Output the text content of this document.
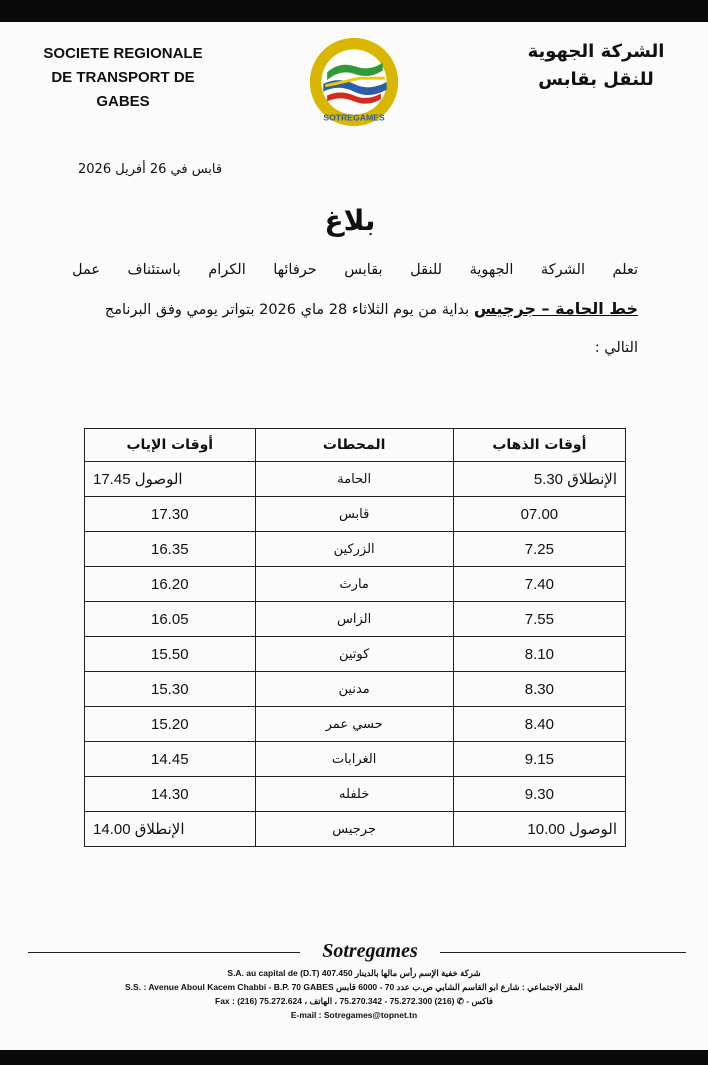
SOCIETE REGIONALE
DE TRANSPORT DE GABES
SOTREGAMES
الشركة الجهوية
للنقل بقابس
قابس في 26 أفريل 2026
بلاغ
تعلم الشركة الجهوية للنقل بقابس حرفائها الكرام باستئناف عمل
خط الحامة – جرجيس بداية من يوم الثلاثاء 28 ماي 2026 بتواتر يومي وفق البرنامج
التالي :
أوقات الذهاب	المحطات	أوقات الإياب
الإنطلاق 5.30	الحامة	الوصول 17.45
07.00	قابس	17.30
7.25	الزركين	16.35
7.40	مارث	16.20
7.55	الزاس	16.05
8.10	كوتين	15.50
8.30	مدنين	15.30
8.40	حسي عمر	15.20
9.15	الغرابات	14.45
9.30	خلفله	14.30
الوصول 10.00	جرجيس	الإنطلاق 14.00
Sotregames
S.A. au capital de (D.T) 407.450 شركة خفية الإسم رأس مالها بالدينار
S.S. : Avenue Aboul Kacem Chabbi - B.P. 70 GABES المقر الاجتماعي : شارع ابو القاسم الشابي ص.ب عدد 70 - 6000 قابس
Fax : (216) 75.272.624 ، فاكس - ✆ (216) 75.272.300 - 75.270.342 ، الهاتف
E-mail : Sotregames@topnet.tn
